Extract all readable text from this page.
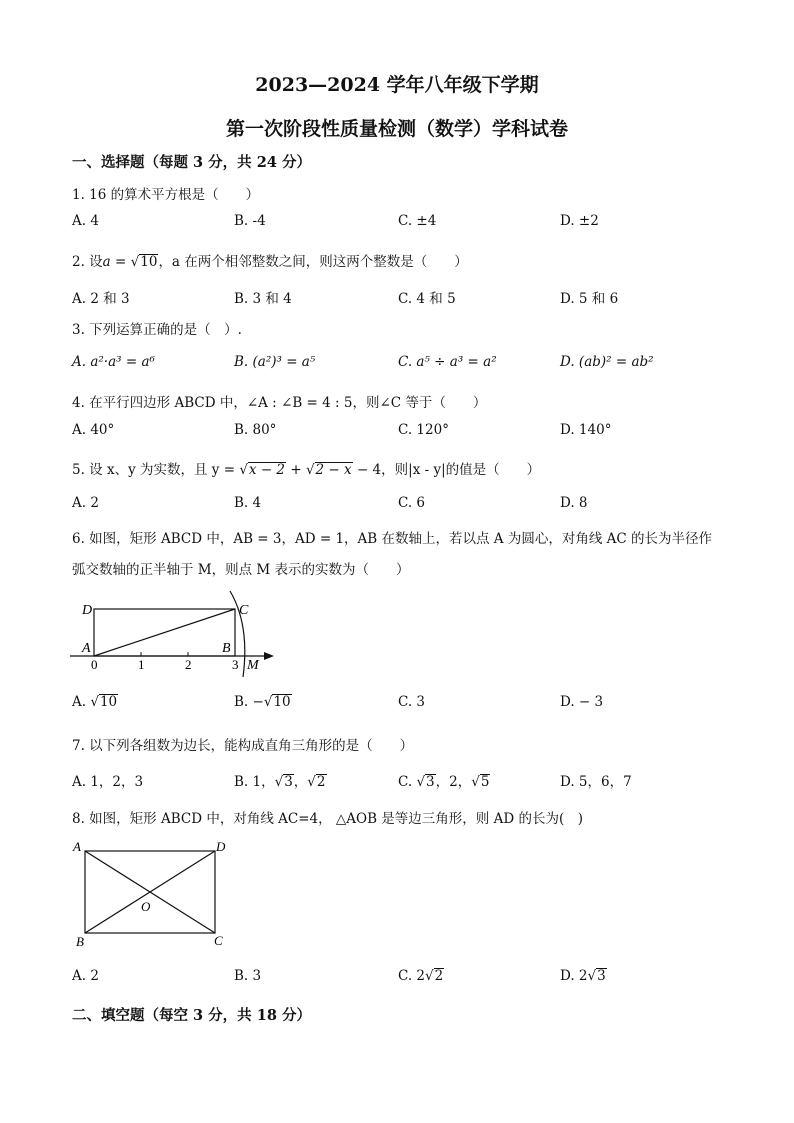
2023—2024 学年八年级下学期
第一次阶段性质量检测（数学）学科试卷
一、选择题（每题 3 分，共 24 分）
1. 16 的算术平方根是（　　）
A. 4	B. -4	C. ±4	D. ±2
2. 设a = √10，a 在两个相邻整数之间，则这两个整数是（　　）
A. 2 和 3	B. 3 和 4	C. 4 和 5	D. 5 和 6
3. 下列运算正确的是（　）.
A. a²·a³ = a⁶	B. (a²)³ = a⁵	C. a⁵ ÷ a³ = a²	D. (ab)² = ab²
4. 在平行四边形 ABCD 中，∠A : ∠B = 4 : 5，则∠C 等于（　　）
A. 40°	B. 80°	C. 120°	D. 140°
5. 设 x、y 为实数，且 y = √x − 2 + √2 − x − 4，则|x - y|的值是（　　）
A. 2	B. 4	C. 6	D. 8
6. 如图，矩形 ABCD 中，AB = 3，AD = 1，AB 在数轴上，若以点 A 为圆心，对角线 AC 的长为半径作
弧交数轴的正半轴于 M，则点 M 表示的实数为（　　）
D	C
A	B
M
0	1	2	3
A. √10	B. −√10	C. 3	D. − 3
7. 以下列各组数为边长，能构成直角三角形的是（　　）
A. 1，2，3	B. 1，√3，√2	C. √3，2，√5	D. 5，6，7
8. 如图，矩形 ABCD 中，对角线 AC=4， △AOB 是等边三角形，则 AD 的长为(　)
A	D
B	C
O
A. 2	B. 3	C. 2√2	D. 2√3
二、填空题（每空 3 分，共 18 分）
